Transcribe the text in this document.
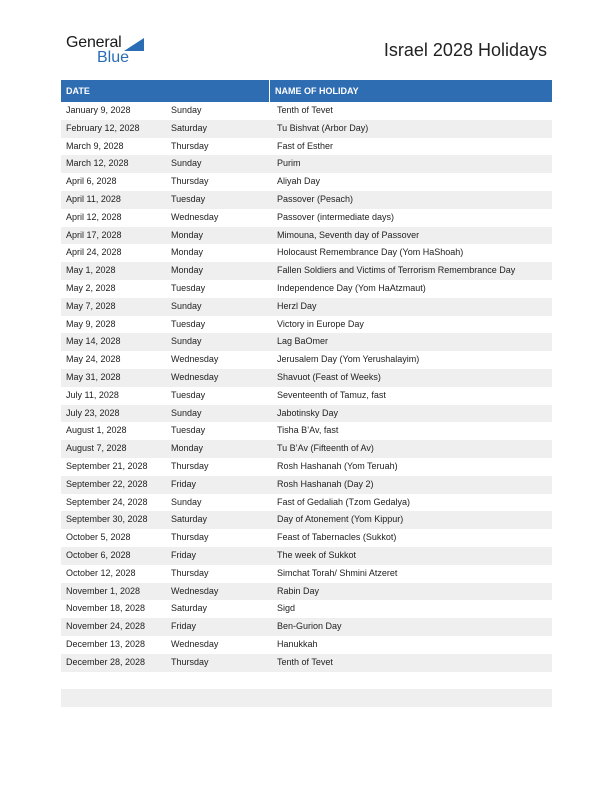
General
Blue	Israel 2028 Holidays
DATE	NAME OF HOLIDAY
January 9, 2028	Sunday	Tenth of Tevet
February 12, 2028	Saturday	Tu Bishvat (Arbor Day)
March 9, 2028	Thursday	Fast of Esther
March 12, 2028	Sunday	Purim
April 6, 2028	Thursday	Aliyah Day
April 11, 2028	Tuesday	Passover (Pesach)
April 12, 2028	Wednesday	Passover (intermediate days)
April 17, 2028	Monday	Mimouna, Seventh day of Passover
April 24, 2028	Monday	Holocaust Remembrance Day (Yom HaShoah)
May 1, 2028	Monday	Fallen Soldiers and Victims of Terrorism Remembrance Day
May 2, 2028	Tuesday	Independence Day (Yom HaAtzmaut)
May 7, 2028	Sunday	Herzl Day
May 9, 2028	Tuesday	Victory in Europe Day
May 14, 2028	Sunday	Lag BaOmer
May 24, 2028	Wednesday	Jerusalem Day (Yom Yerushalayim)
May 31, 2028	Wednesday	Shavuot (Feast of Weeks)
July 11, 2028	Tuesday	Seventeenth of Tamuz, fast
July 23, 2028	Sunday	Jabotinsky Day
August 1, 2028	Tuesday	Tisha B’Av, fast
August 7, 2028	Monday	Tu B’Av (Fifteenth of Av)
September 21, 2028	Thursday	Rosh Hashanah (Yom Teruah)
September 22, 2028	Friday	Rosh Hashanah (Day 2)
September 24, 2028	Sunday	Fast of Gedaliah (Tzom Gedalya)
September 30, 2028	Saturday	Day of Atonement (Yom Kippur)
October 5, 2028	Thursday	Feast of Tabernacles (Sukkot)
October 6, 2028	Friday	The week of Sukkot
October 12, 2028	Thursday	Simchat Torah/ Shmini Atzeret
November 1, 2028	Wednesday	Rabin Day
November 18, 2028	Saturday	Sigd
November 24, 2028	Friday	Ben-Gurion Day
December 13, 2028	Wednesday	Hanukkah
December 28, 2028	Thursday	Tenth of Tevet
